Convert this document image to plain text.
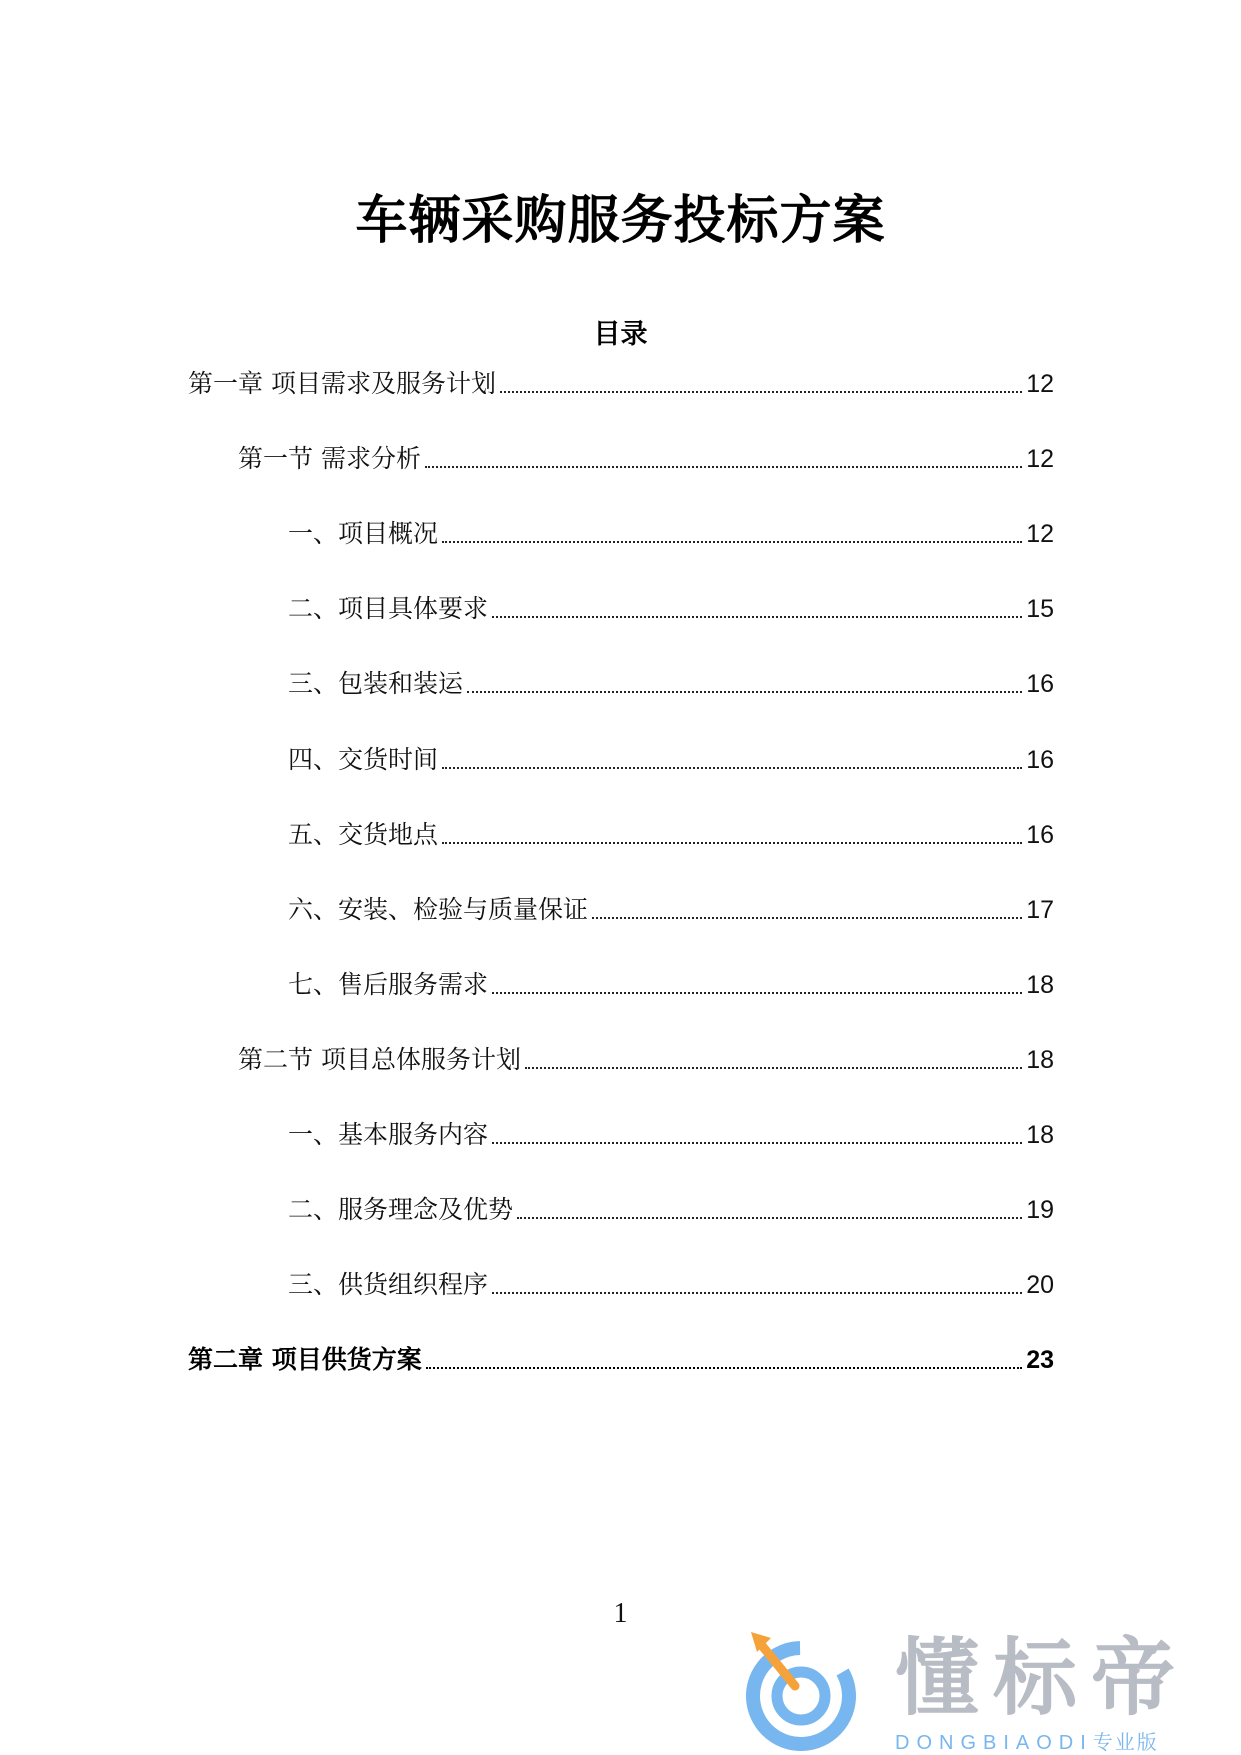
车辆采购服务投标方案
目录
第一章 项目需求及服务计划	12
第一节 需求分析	12
一、项目概况	12
二、项目具体要求	15
三、包装和装运	16
四、交货时间	16
五、交货地点	16
六、安装、检验与质量保证	17
七、售后服务需求	18
第二节 项目总体服务计划	18
一、基本服务内容	18
二、服务理念及优势	19
三、供货组织程序	20
第二章 项目供货方案	23
1
懂标帝
DONGBIAODI专业版
